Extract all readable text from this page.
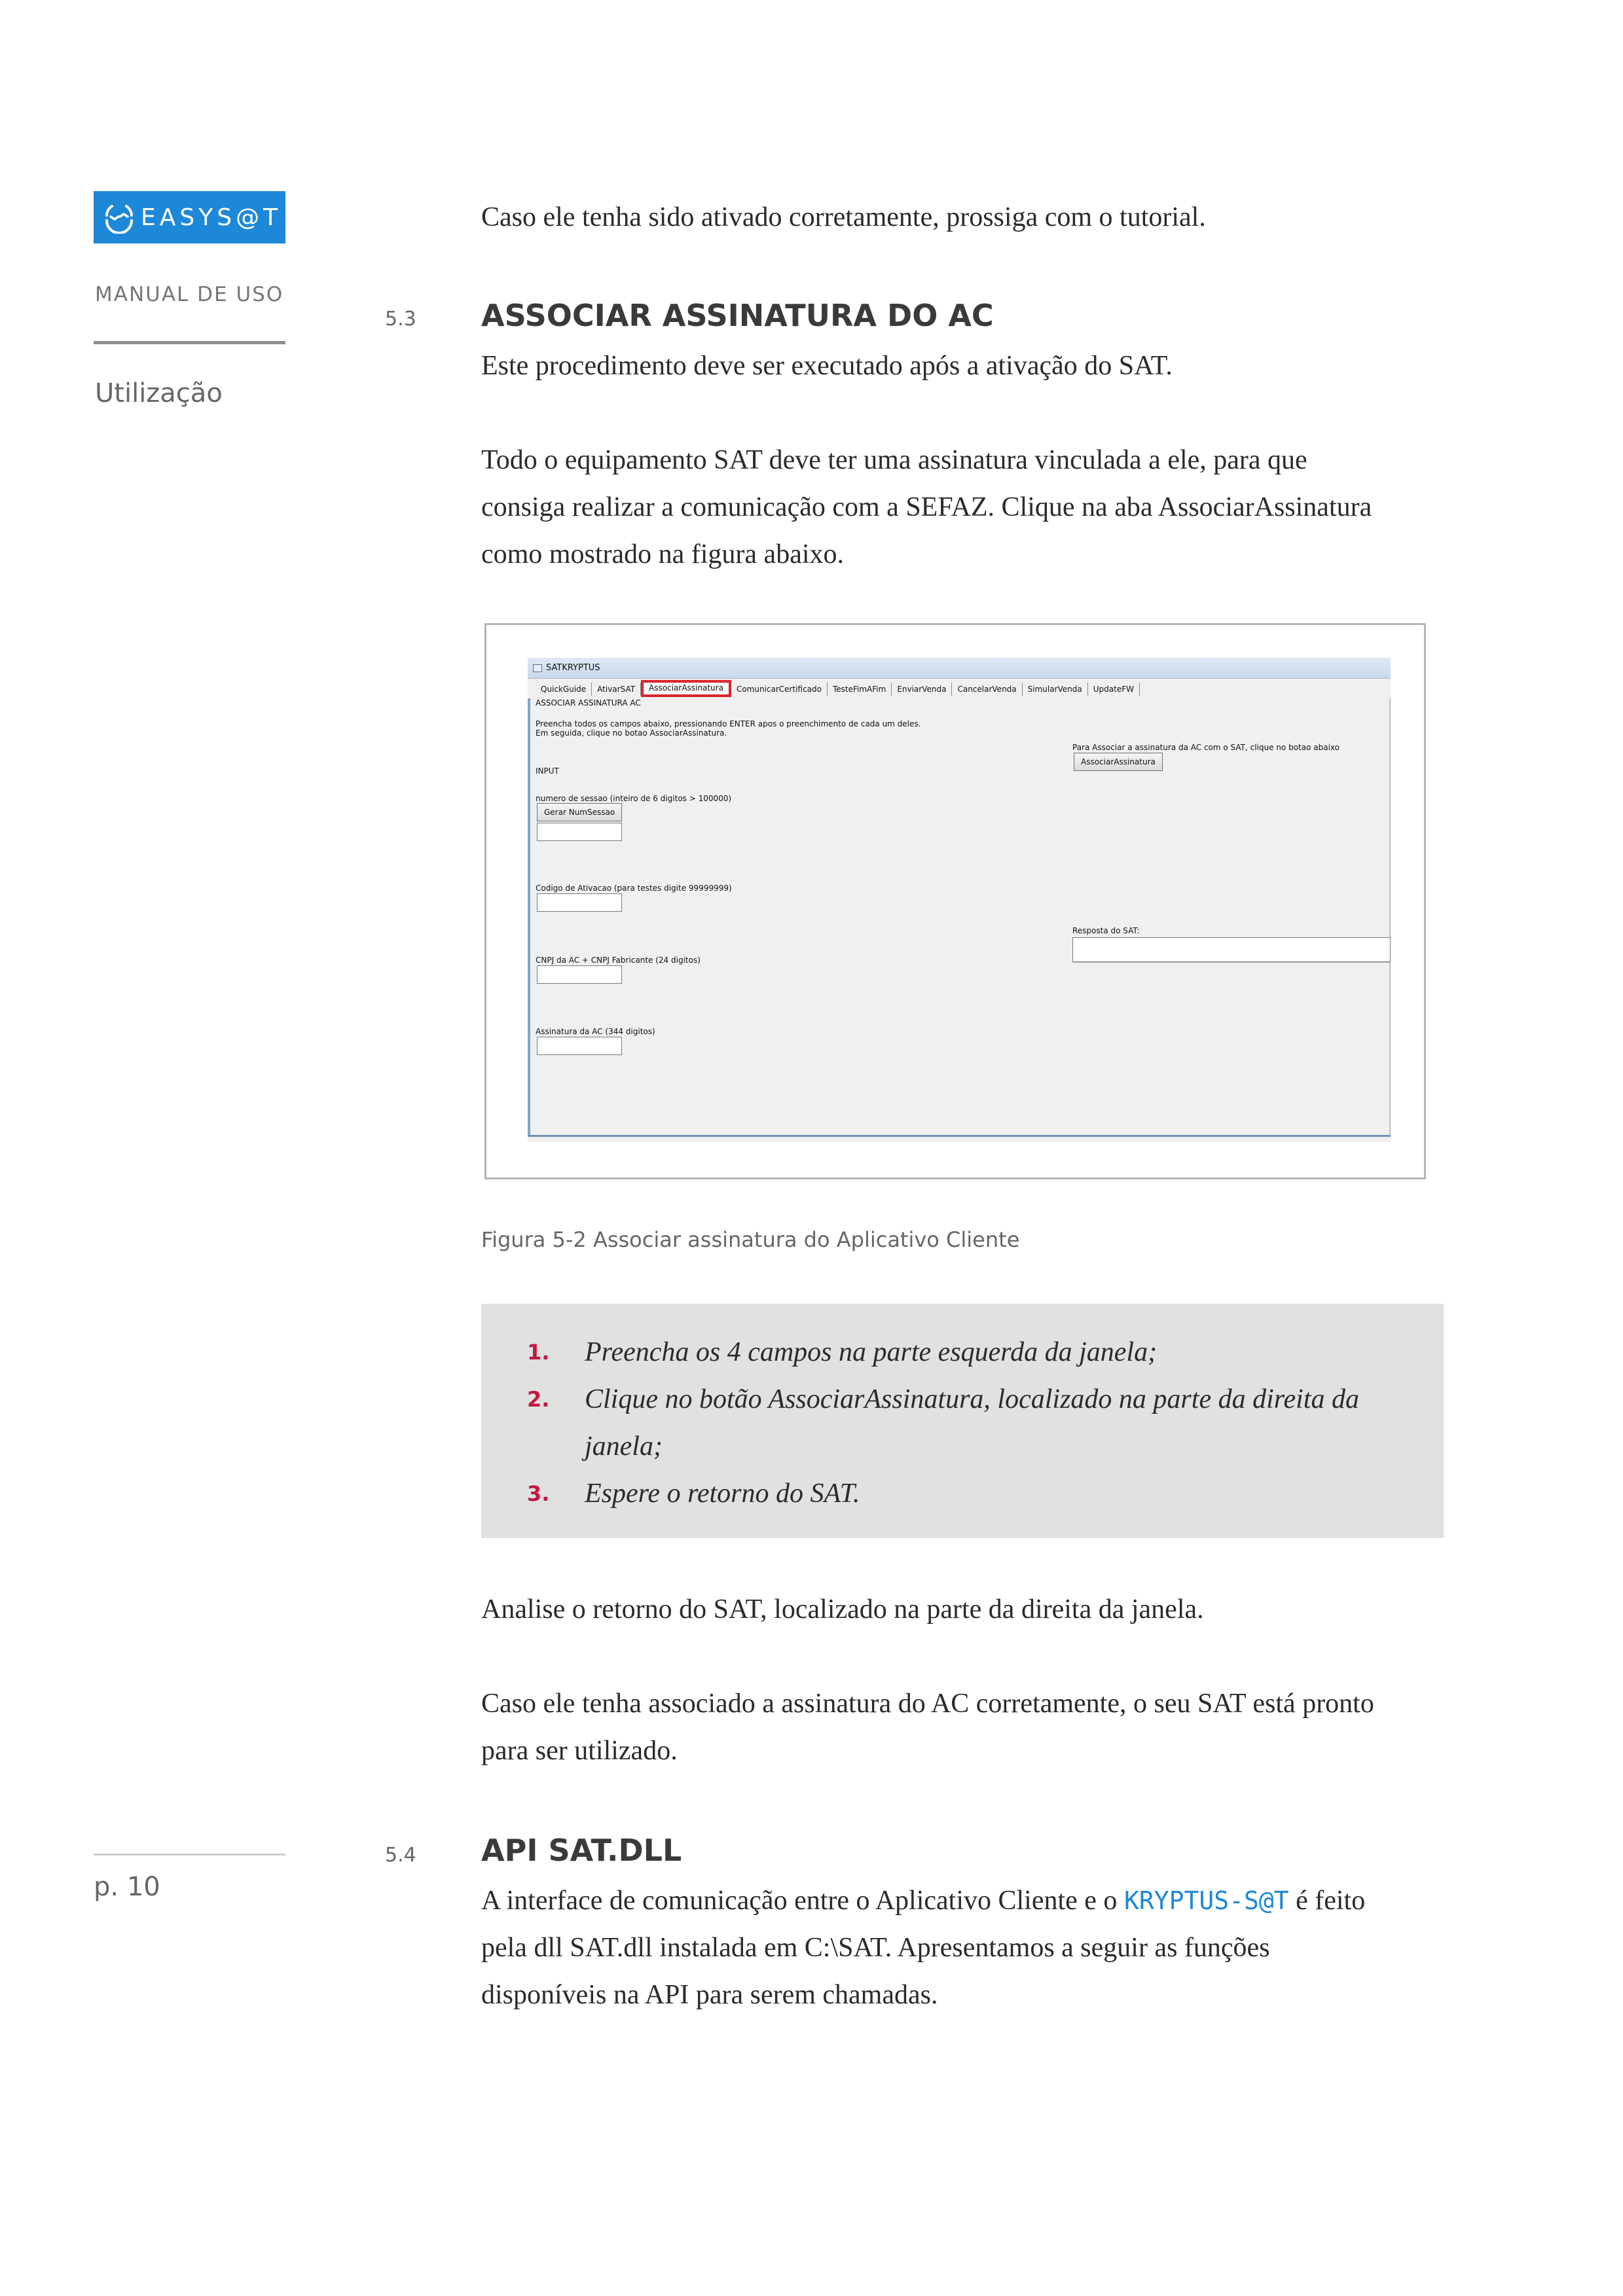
EASYS@T
MANUAL DE USO
Utilização
p. 10
Caso ele tenha sido ativado corretamente, prossiga com o tutorial.
5.3 ASSOCIAR ASSINATURA DO AC
Este procedimento deve ser executado após a ativação do SAT.
Todo o equipamento SAT deve ter uma assinatura vinculada a ele, para que
consiga realizar a comunicação com a SEFAZ. Clique na aba AssociarAssinatura
como mostrado na figura abaixo.
SATKRYPTUS
QuickGuide	AtivarSAT	AssociarAssinatura	ComunicarCertificado	TesteFimAFim	EnviarVenda	CancelarVenda	SimularVenda	UpdateFW
ASSOCIAR ASSINATURA AC
Preencha todos os campos abaixo, pressionando ENTER apos o preenchimento de cada um deles.
Em seguida, clique no botao AssociarAssinatura.
INPUT
numero de sessao (inteiro de 6 digitos > 100000)
Gerar NumSessao
Codigo de Ativacao (para testes digite 99999999)
CNPJ da AC + CNPJ Fabricante (24 digitos)
Assinatura da AC (344 digitos)
Para Associar a assinatura da AC com o SAT, clique no botao abaixo
AssociarAssinatura
Resposta do SAT:
Figura 5-2 Associar assinatura do Aplicativo Cliente
1.	Preencha os 4 campos na parte esquerda da janela;
2.	Clique no botão AssociarAssinatura, localizado na parte da direita da
janela;
3.	Espere o retorno do SAT.
Analise o retorno do SAT, localizado na parte da direita da janela.
Caso ele tenha associado a assinatura do AC corretamente, o seu SAT está pronto
para ser utilizado.
5.4 API SAT.DLL
A interface de comunicação entre o Aplicativo Cliente e o KRYPTUS-S@T é feito
pela dll SAT.dll instalada em C:\SAT. Apresentamos a seguir as funções
disponíveis na API para serem chamadas.
